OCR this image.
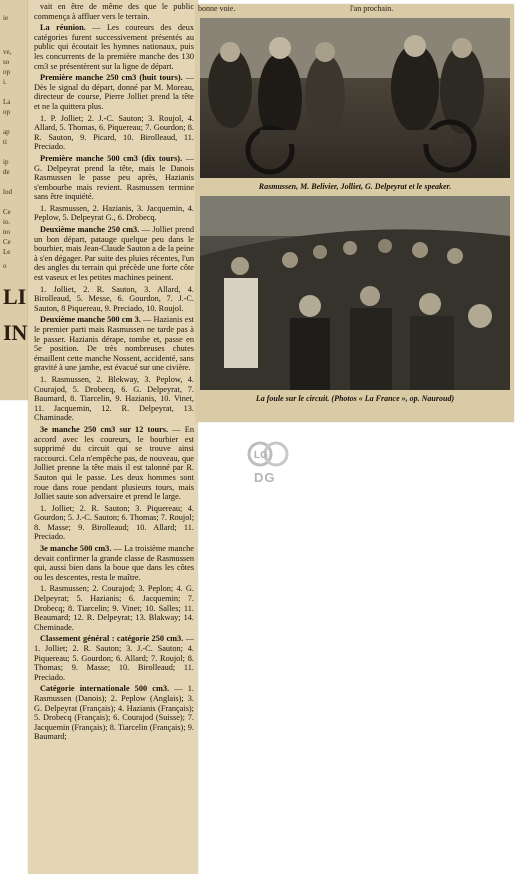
ie
ve,
so
op
i.
La
op
ap
ti
ip
de
lod
Ce
io.
no
Ce
Le
o
LI
IN

vait en être de même des que le public commença à affluer vers le terrain.

La réunion. — Les coureurs des deux catégories furent successivement présentés au public qui écoutait les hymnes nationaux, puis les concurrents de la première manche des 130 cm3 se présentèrent sur la ligne de départ.

Première manche 250 cm3 (huit tours). — Dès le signal du départ, donné par M. Moreau, directeur de course, Pierre Jolliet prend la tête et ne la quittera plus.

1. P. Jolliet; 2. J.-C. Sauton; 3. Roujol, 4. Allard, 5. Thomas, 6. Piquereau; 7. Gourdon; 8. R. Sauton, 9. Picard, 10. Birolleaud, 11. Preciado.

Première manche 500 cm3 (dix tours). — G. Delpeyrat prend la tête, mais le Danois Rasmussen le passe peu après, Hazianis s'embourbe mais revient. Rasmussen termine sans être inquiété.

1. Rasmussen, 2. Hazianis, 3. Jacquemin, 4. Peplow, 5. Delpeyrat G., 6. Drobecq.

Deuxième manche 250 cm3. — Jolliet prend un bon départ, patauge quelque peu dans le bourbier, mais Jean-Claude Sauton a de la peine à s'en dégager. Par suite des pluies récentes, l'un des angles du terrain qui précède une forte côte est vaseux et les petites machines peinent.

1. Jolliet, 2. R. Sauton, 3. Allard, 4. Birolleaud, 5. Messe, 6. Gourdon, 7. J.-C. Sauton, 8 Piquereau, 9. Preciado, 10. Roujol.

Deuxième manche 500 cm 3. — Hazianis est le premier parti mais Rasmussen ne tarde pas à le passer. Hazianis dérape, tombe et, passe en 5e position. De très nombreuses chutes émaillent cette manche Nossent, accidenté, sans gravité à une jambe, est évacué sur une civière.

1. Rasmussen, 2. Blekway, 3. Peplow, 4. Courajod, 5. Drobecq, 6. G. Delpeyrat, 7. Baumard, 8. Tiarcelin, 9. Hazianis, 10. Vinet, 11. Jacquemin, 12. R. Delpeyrat, 13. Chaminade.

3e manche 250 cm3 sur 12 tours. — En accord avec les coureurs, le bourbier est supprimé du circuit qui se trouve ainsi raccourci. Cela n'empêche pas, de nouveau, que Jolliet prenne la tête mais il est talonné par R. Sauton qui le passe. Les deux hommes sont roue dans roue pendant plusieurs tours, mais Jolliet saute son adversaire et prend le large.

1. Jolliet; 2. R. Sauton; 3. Piquereau; 4. Gourdon; 5. J.-C. Sauton; 6. Thomas; 7. Roujol; 8. Masse; 9. Birolleaud; 10. Allard; 11. Preciado.

3e manche 500 cm3. — La troisième manche devait confirmer la grande classe de Rasmussen qui, aussi bien dans la boue que dans les côtes ou les descentes, resta le maître.

1. Rasmussen; 2. Courajod; 3. Peplon; 4. G. Delpeyrat; 5. Hazianis; 6. Jacquemin; 7. Drobecq; 8. Tiarcelin; 9. Vinet; 10. Salles; 11. Beaumard; 12. R. Delpeyrat; 13. Blakway; 14. Cheminade.

Classement général : catégorie 250 cm3. — 1. Jolliet; 2. R. Sauton; 3. J.-C. Sauton; 4. Piquereau; 5. Gourdon; 6. Allard; 7. Roujol; 8. Thomas; 9. Masse; 10. Birolleaud; 11. Preciado.

Catégorie internationale 500 cm3. — 1. Rasmussen (Danois); 2. Peplow (Anglais); 3. G. Delpeyrat (Français); 4. Hazianis (Français); 5. Drobecq (Français); 6. Courajod (Suisse); 7. Jacquemin (Français); 8. Tiarcelin (Français); 9. Baumard;

bonne voie.	l'an prochain.
Rasmussen, M. Belivier, Jolliet, G. Delpeyrat et le speaker.
La foule sur le circuit. (Photos « La France », op. Nauroud)
LG
DG
